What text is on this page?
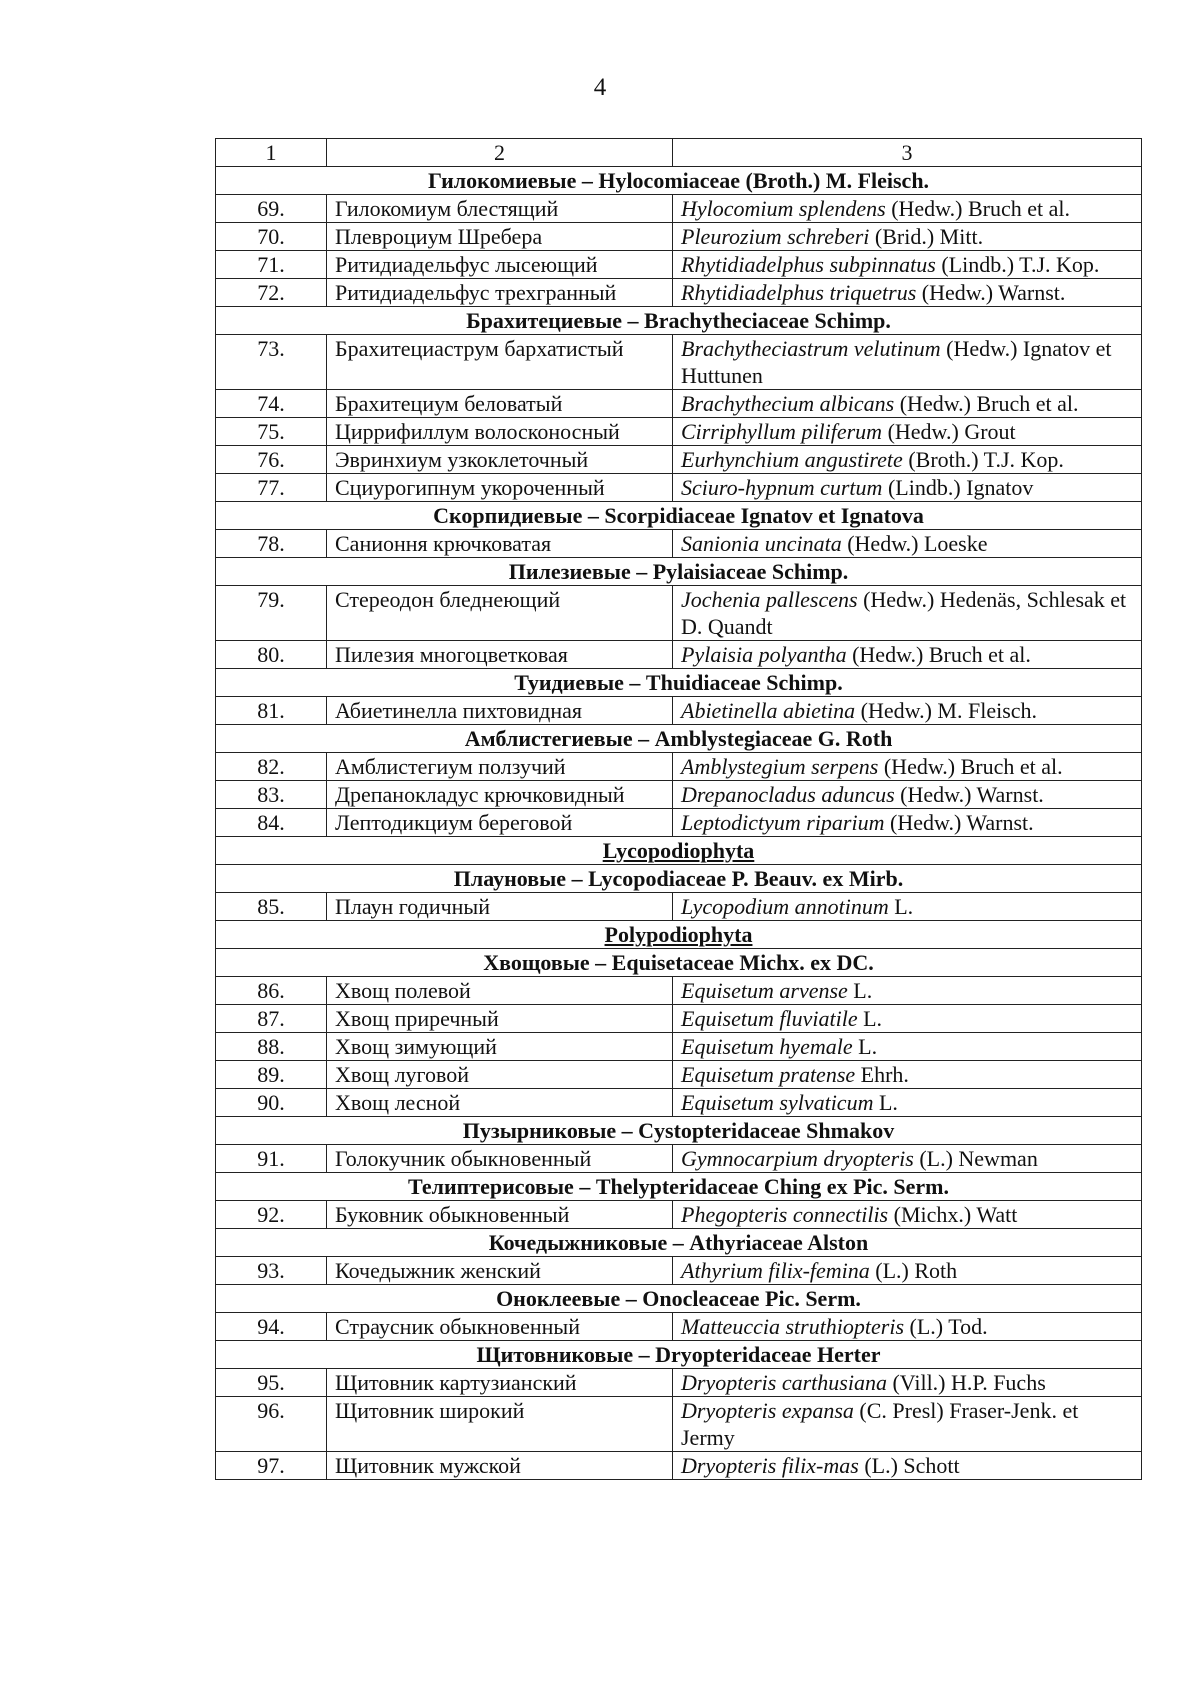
4
1	2	3
Гилокомиевые – Hylocomiaceae (Broth.) M. Fleisch.		
69.	Гилокомиум блестящий	Hylocomium splendens (Hedw.) Bruch et al.
70.	Плевроциум Шребера	Pleurozium schreberi (Brid.) Mitt.
71.	Ритидиадельфус лысеющий	Rhytidiadelphus subpinnatus (Lindb.) T.J. Kop.
72.	Ритидиадельфус трехгранный	Rhytidiadelphus triquetrus (Hedw.) Warnst.
Брахитециевые – Brachytheciaceae Schimp.		
73.	Брахитециаструм бархатистый	Brachytheciastrum velutinum (Hedw.) Ignatov et Huttunen
74.	Брахитециум беловатый	Brachythecium albicans (Hedw.) Bruch et al.
75.	Циррифиллум волосконосный	Cirriphyllum piliferum (Hedw.) Grout
76.	Эвринхиум узкоклеточный	Eurhynchium angustirete (Broth.) T.J. Kop.
77.	Сциурогипнум укороченный	Sciuro-hypnum curtum (Lindb.) Ignatov
Скорпидиевые – Scorpidiaceae Ignatov et Ignatova		
78.	Санионня крючковатая	Sanionia uncinata (Hedw.) Loeske
Пилезиевые – Pylaisiaceae Schimp.		
79.	Стереодон бледнеющий	Jochenia pallescens (Hedw.) Hedenäs, Schlesak et D. Quandt
80.	Пилезия многоцветковая	Pylaisia polyantha (Hedw.) Bruch et al.
Туидиевые – Thuidiaceae Schimp.		
81.	Абиетинелла пихтовидная	Abietinella abietina (Hedw.) M. Fleisch.
Амблистегиевые – Amblystegiaceae G. Roth		
82.	Амблистегиум ползучий	Amblystegium serpens (Hedw.) Bruch et al.
83.	Дрепанокладус крючковидный	Drepanocladus aduncus (Hedw.) Warnst.
84.	Лептодикциум береговой	Leptodictyum riparium (Hedw.) Warnst.
Lycopodiophyta		
Плауновые – Lycopodiaceae P. Beauv. ex Mirb.		
85.	Плаун годичный	Lycopodium annotinum L.
Polypodiophyta		
Хвощовые – Equisetaceae Michx. ex DC.		
86.	Хвощ полевой	Equisetum arvense L.
87.	Хвощ приречный	Equisetum fluviatile L.
88.	Хвощ зимующий	Equisetum hyemale L.
89.	Хвощ луговой	Equisetum pratense Ehrh.
90.	Хвощ лесной	Equisetum sylvaticum L.
Пузырниковые – Cystopteridaceae Shmakov		
91.	Голокучник обыкновенный	Gymnocarpium dryopteris (L.) Newman
Телиптерисовые – Thelypteridaceae Ching ex Pic. Serm.		
92.	Буковник обыкновенный	Phegopteris connectilis (Michx.) Watt
Кочедыжниковые – Athyriaceae Alston		
93.	Кочедыжник женский	Athyrium filix-femina (L.) Roth
Оноклеевые – Onocleaceae Pic. Serm.		
94.	Страусник обыкновенный	Matteuccia struthiopteris (L.) Tod.
Щитовниковые – Dryopteridaceae Herter		
95.	Щитовник картузианский	Dryopteris carthusiana (Vill.) H.P. Fuchs
96.	Щитовник широкий	Dryopteris expansa (C. Presl) Fraser-Jenk. et Jermy
97.	Щитовник мужской	Dryopteris filix-mas (L.) Schott
